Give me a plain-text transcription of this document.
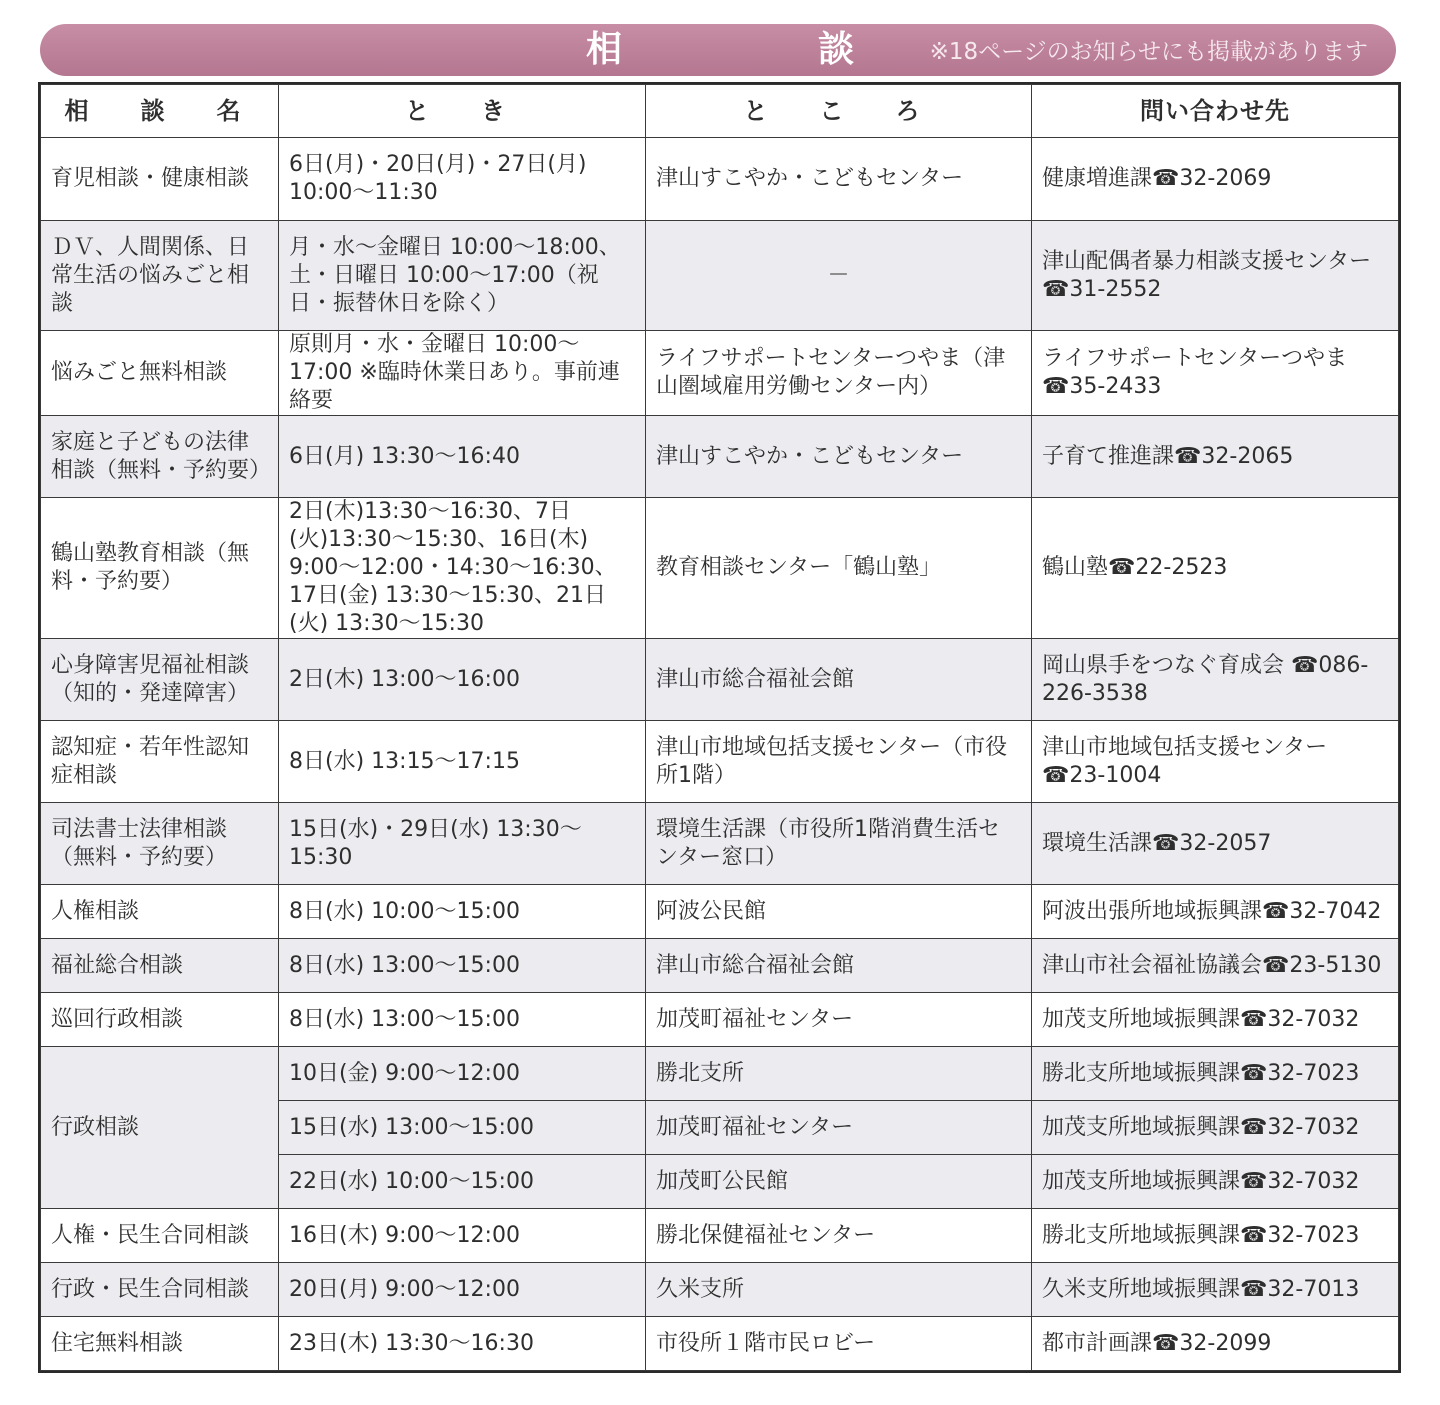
相　談
※18ページのお知らせにも掲載があります
相　談　名	と　き	と　こ　ろ	問い合わせ先
育児相談・健康相談	6日(月)・20日(月)・27日(月) 10:00〜11:30	津山すこやか・こどもセンター	健康増進課☎32-2069
ＤＶ、人間関係、日常生活の悩みごと相談	月・水〜金曜日 10:00〜18:00、土・日曜日 10:00〜17:00（祝日・振替休日を除く）	－	津山配偶者暴力相談支援センター☎31-2552
悩みごと無料相談	原則月・水・金曜日 10:00〜17:00 ※臨時休業日あり。事前連絡要	ライフサポートセンターつやま（津山圏域雇用労働センター内）	ライフサポートセンターつやま ☎35-2433
家庭と子どもの法律相談（無料・予約要）	6日(月) 13:30〜16:40	津山すこやか・こどもセンター	子育て推進課☎32-2065
鶴山塾教育相談（無料・予約要）	2日(木)13:30〜16:30、7日(火)13:30〜15:30、16日(木) 9:00〜12:00・14:30〜16:30、17日(金) 13:30〜15:30、21日(火) 13:30〜15:30	教育相談センター「鶴山塾」	鶴山塾☎22-2523
心身障害児福祉相談（知的・発達障害）	2日(木) 13:00〜16:00	津山市総合福祉会館	岡山県手をつなぐ育成会 ☎086-226-3538
認知症・若年性認知症相談	8日(水) 13:15〜17:15	津山市地域包括支援センター（市役所1階）	津山市地域包括支援センター ☎23-1004
司法書士法律相談（無料・予約要）	15日(水)・29日(水) 13:30〜15:30	環境生活課（市役所1階消費生活センター窓口）	環境生活課☎32-2057
人権相談	8日(水) 10:00〜15:00	阿波公民館	阿波出張所地域振興課☎32-7042
福祉総合相談	8日(水) 13:00〜15:00	津山市総合福祉会館	津山市社会福祉協議会☎23-5130
巡回行政相談	8日(水) 13:00〜15:00	加茂町福祉センター	加茂支所地域振興課☎32-7032
行政相談	10日(金) 9:00〜12:00	勝北支所	勝北支所地域振興課☎32-7023
	15日(水) 13:00〜15:00	加茂町福祉センター	加茂支所地域振興課☎32-7032
	22日(水) 10:00〜15:00	加茂町公民館	加茂支所地域振興課☎32-7032
人権・民生合同相談	16日(木) 9:00〜12:00	勝北保健福祉センター	勝北支所地域振興課☎32-7023
行政・民生合同相談	20日(月) 9:00〜12:00	久米支所	久米支所地域振興課☎32-7013
住宅無料相談	23日(木) 13:30〜16:30	市役所１階市民ロビー	都市計画課☎32-2099
